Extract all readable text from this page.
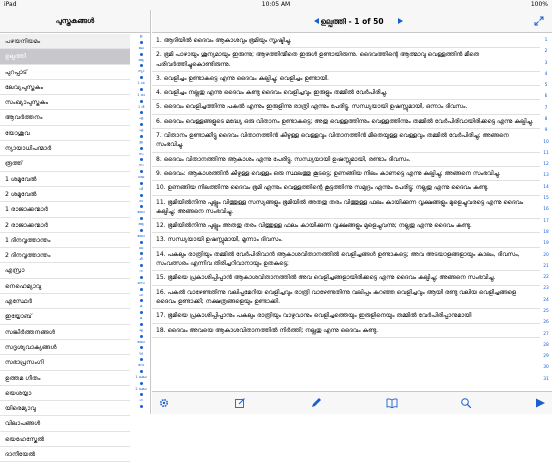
iPad	10:05 AM	100%
പുസ്തകങ്ങൾ
പഴയനിയമം
ഉല്പത്തി
പുറപ്പാട്
ലേവ്യപുസ്തകം
സംഖ്യാപുസ്തകം
ആവർത്തനം
യോശുവ
ന്യായാധിപന്മാർ
രൂത്ത്
1 ശമൂവേൽ
2 ശമൂവേൽ
1 രാജാക്കന്മാർ
2 രാജാക്കന്മാർ
1 ദിനവൃത്താന്തം
2 ദിനവൃത്താന്തം
എസ്രാ
നെഹെമ്യാവു
എസ്ഥേർ
ഇയ്യോബ്
സങ്കീർത്തനങ്ങൾ
സദൃശ്യവാക്യങ്ങൾ
സഭാപ്രസംഗി
ഉത്തമ ഗീതം
യെശയ്യാ
യിരെമ്യാവു
വിലാപങ്ങൾ
യെഹേസ്കേൽ
ദാനീയേൽ
ഉ
ലേ
ആ
ന്യാ
1 ശ
1 രാ
1 ദി
എ
എ
ഇ
സ
സ
യെ
വി
ദാ
യോ
ആ
യോ
ഓ
മീ
ന
സെ
ഹ
മ
മ
ലൂ
യോ
പ്ര
റോ
1 കൊ
2 കൊ
ഗ
ഉല്പത്തി - 1 of 50
1. ആദിയിൽ ദൈവം ആകാശവും ഭൂമിയും സൃഷ്ടിച്ചു.
2. ഭൂമി പാഴായും ശൂന്യമായും ഇരുന്നു; ആഴത്തിന്മീതെ ഇരുൾ ഉണ്ടായിരുന്നു. ദൈവത്തിന്റെ ആത്മാവു വെള്ളത്തിൻ മീതെ പരിവർത്തിച്ചുകൊണ്ടിരുന്നു.
3. വെളിച്ചം ഉണ്ടാകട്ടെ എന്നു ദൈവം കല്പിച്ചു; വെളിച്ചം ഉണ്ടായി.
4. വെളിച്ചം നല്ലതു എന്നു ദൈവം കണ്ടു ദൈവം വെളിച്ചവും ഇരുളും തമ്മിൽ വേർപിരിച്ചു.
5. ദൈവം വെളിച്ചത്തിന്നു പകൽ എന്നും ഇരുളിന്നു രാത്രി എന്നും പേരിട്ടു. സന്ധ്യയായി ഉഷസ്സുമായി, ഒന്നാം ദിവസം.
6. ദൈവം വെള്ളങ്ങളുടെ മദ്ധ്യേ ഒരു വിതാനം ഉണ്ടാകട്ടെ; അതു വെള്ളത്തിന്നും വെള്ളത്തിന്നും തമ്മിൽ വേർപിരിവായിരിക്കട്ടെ എന്നു കല്പിച്ചു.
7. വിതാനം ഉണ്ടാക്കീട്ടു ദൈവം വിതാനത്തിൻ കീഴുള്ള വെള്ളവും വിതാനത്തിൻ മീതെയുള്ള വെള്ളവും തമ്മിൽ വേർപിരിച്ചു; അങ്ങനെ സംഭവിച്ചു.
8. ദൈവം വിതാനത്തിന്നു ആകാശം എന്നു പേരിട്ടു. സന്ധ്യയായി ഉഷസ്സുമായി, രണ്ടാം ദിവസം.
9. ദൈവം: ആകാശത്തിൻ കീഴുള്ള വെള്ളം ഒരു സ്ഥലത്തു കൂടട്ടെ; ഉണങ്ങിയ നിലം കാണട്ടെ എന്നു കല്പിച്ചു; അങ്ങനെ സംഭവിച്ചു.
10. ഉണങ്ങിയ നിലത്തിന്നു ദൈവം ഭൂമി എന്നും വെള്ളത്തിന്റെ കൂട്ടത്തിന്നു സമുദ്രം എന്നും പേരിട്ടു; നല്ലതു എന്നു ദൈവം കണ്ടു.
11. ഭൂമിയിൽനിന്നു പുല്ലും വിത്തുള്ള സസ്യങ്ങളും ഭൂമിയിൽ അതതു തരം വിത്തുള്ള ഫലം കായിക്കുന്ന വൃക്ഷങ്ങളും മുളെച്ചുവരട്ടെ എന്നു ദൈവം കല്പിച്ചു; അങ്ങനെ സംഭവിച്ചു.
12. ഭൂമിയിൽനിന്നു പുല്ലും അതതു തരം വിത്തുള്ള ഫലം കായിക്കുന്ന വൃക്ഷങ്ങളും മുളെച്ചുവന്നു; നല്ലതു എന്നു ദൈവം കണ്ടു.
13. സന്ധ്യയായി ഉഷസ്സുമായി, മൂന്നാം ദിവസം.
14. പകലും രാത്രിയും തമ്മിൽ വേർപിരിവാൻ ആകാശവിതാനത്തിൽ വെളിച്ചങ്ങൾ ഉണ്ടാകട്ടെ; അവ അടയാളങ്ങളായും കാലം, ദിവസം, സംവത്സരം എന്നിവ തിരിച്ചറിവാനായും ഉതകട്ടെ;
15. ഭൂമിയെ പ്രകാശിപ്പിപ്പാൻ ആകാശവിതാനത്തിൽ അവ വെളിച്ചങ്ങളായിരിക്കട്ടെ എന്നു ദൈവം കല്പിച്ചു; അങ്ങനെ സംഭവിച്ചു.
16. പകൽ വാഴേണ്ടതിന്നു വലിപ്പമേറിയ വെളിച്ചവും രാത്രി വാഴേണ്ടതിന്നു വലിപ്പം കുറഞ്ഞ വെളിച്ചവും ആയി രണ്ടു വലിയ വെളിച്ചങ്ങളെ ദൈവം ഉണ്ടാക്കി; നക്ഷത്രങ്ങളെയും ഉണ്ടാക്കി.
17. ഭൂമിയെ പ്രകാശിപ്പിപ്പാനും പകലും രാത്രിയും വാഴുവാനും വെളിച്ചത്തെയും ഇരുളിനെയും തമ്മിൽ വേർപിരിപ്പാനുമായി
18. ദൈവം അവയെ ആകാശവിതാനത്തിൽ നിർത്തി; നല്ലതു എന്നു ദൈവം കണ്ടു.
1
2
3
4
5
6
7
8
9
10
11
12
13
14
15
16
17
18
19
20
21
22
23
24
25
26
27
28
29
30
31
